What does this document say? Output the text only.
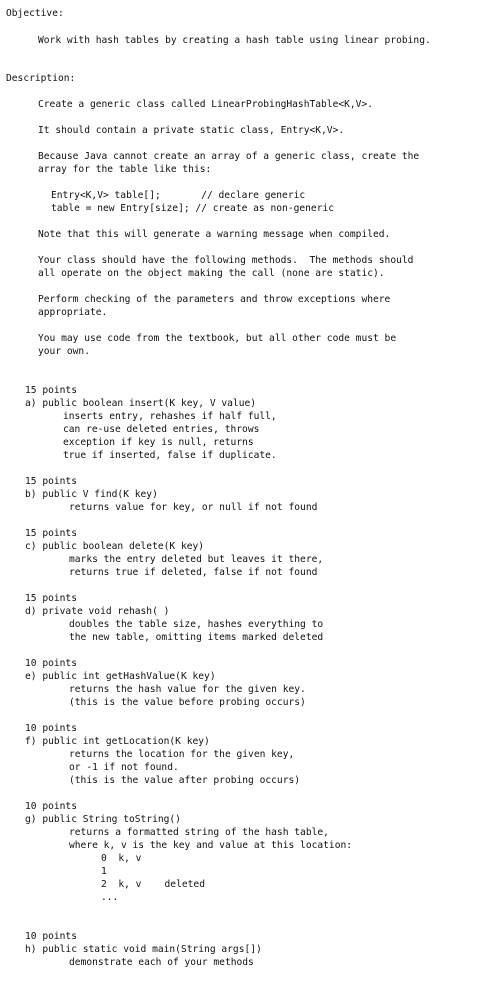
Objective:
Work with hash tables by creating a hash table using linear probing.
Description:
Create a generic class called LinearProbingHashTable<K,V>.
It should contain a private static class, Entry<K,V>.
Because Java cannot create an array of a generic class, create the
array for the table like this:
Entry<K,V> table[];       // declare generic
table = new Entry[size]; // create as non-generic
Note that this will generate a warning message when compiled.
Your class should have the following methods.  The methods should
all operate on the object making the call (none are static).
Perform checking of the parameters and throw exceptions where
appropriate.
You may use code from the textbook, but all other code must be
your own.
15 points
a) public boolean insert(K key, V value)
inserts entry, rehashes if half full,
can re-use deleted entries, throws
exception if key is null, returns
true if inserted, false if duplicate.
15 points
b) public V find(K key)
returns value for key, or null if not found
15 points
c) public boolean delete(K key)
marks the entry deleted but leaves it there,
returns true if deleted, false if not found
15 points
d) private void rehash( )
doubles the table size, hashes everything to
the new table, omitting items marked deleted
10 points
e) public int getHashValue(K key)
returns the hash value for the given key.
(this is the value before probing occurs)
10 points
f) public int getLocation(K key)
returns the location for the given key,
or -1 if not found.
(this is the value after probing occurs)
10 points
g) public String toString()
returns a formatted string of the hash table,
where k, v is the key and value at this location:
0  k, v
1
2  k, v    deleted
...
10 points
h) public static void main(String args[])
demonstrate each of your methods
